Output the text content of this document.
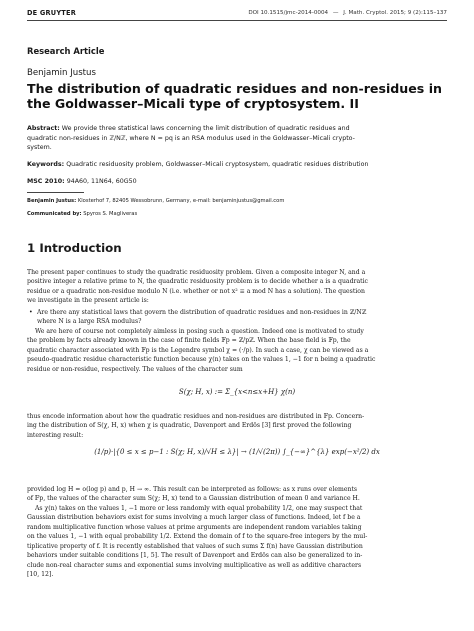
DE GRUYTER	DOI 10.1515/jmc-2014-0004 — J. Math. Cryptol. 2015; 9 (2):115–137
Research Article
Benjamin Justus
The distribution of quadratic residues and non-residues in
the Goldwasser–Micali type of cryptosystem. II
Abstract: We provide three statistical laws concerning the limit distribution of quadratic residues and
quadratic non-residues in ℤ/Nℤ, where N = pq is an RSA modulus used in the Goldwasser–Micali crypto-
system.
Keywords: Quadratic residuosity problem, Goldwasser–Micali cryptosystem, quadratic residues distribution
MSC 2010: 94A60, 11N64, 60G50
Benjamin Justus: Klosterhof 7, 82405 Wessobrunn, Germany, e-mail: benjaminjustus@gmail.com
Communicated by: Spyros S. Magliveras
1 Introduction
The present paper continues to study the quadratic residuosity problem. Given a composite integer N, and a
positive integer a relative prime to N, the quadratic residuosity problem is to decide whether a is a quadratic
residue or a quadratic non-residue modulo N (i.e. whether or not x² ≡ a mod N has a solution). The question
we investigate in the present article is:
• Are there any statistical laws that govern the distribution of quadratic residues and non-residues in ℤ/Nℤ
where N is a large RSA modulus?
We are here of course not completely aimless in posing such a question. Indeed one is motivated to study
the problem by facts already known in the case of finite fields 𝔽p = ℤ/pℤ. When the base field is 𝔽p, the
quadratic character associated with 𝔽p is the Legendre symbol χ = (·/p). In such a case, χ can be viewed as a
pseudo-quadratic residue characteristic function because χ(n) takes on the values 1, −1 for n being a quadratic
residue or non-residue, respectively. The values of the character sum
S(χ; H, x) := Σ_{x<n≤x+H} χ(n)
thus encode information about how the quadratic residues and non-residues are distributed in 𝔽p. Concern-
ing the distribution of S(χ, H, x) when χ is quadratic, Davenport and Erdös [3] first proved the following
interesting result:
(1/p)·|{0 ≤ x ≤ p−1 : S(χ; H, x)/√H ≤ λ}| → (1/√(2π)) ∫_{−∞}^{λ} exp(−x²/2) dx
provided log H = o(log p) and p, H → ∞. This result can be interpreted as follows: as x runs over elements
of 𝔽p, the values of the character sum S(χ; H, x) tend to a Gaussian distribution of mean 0 and variance H.
As χ(n) takes on the values 1, −1 more or less randomly with equal probability 1/2, one may suspect that
Gaussian distribution behaviors exist for sums involving a much larger class of functions. Indeed, let f be a
random multiplicative function whose values at prime arguments are independent random variables taking
on the values 1, −1 with equal probability 1/2. Extend the domain of f to the square-free integers by the mul-
tiplicative property of f. It is recently established that values of such sums Σ f(n) have Gaussian distribution
behaviors under suitable conditions [1, 5]. The result of Davenport and Erdös can also be generalized to in-
clude non-real character sums and exponential sums involving multiplicative as well as additive characters
[10, 12].
